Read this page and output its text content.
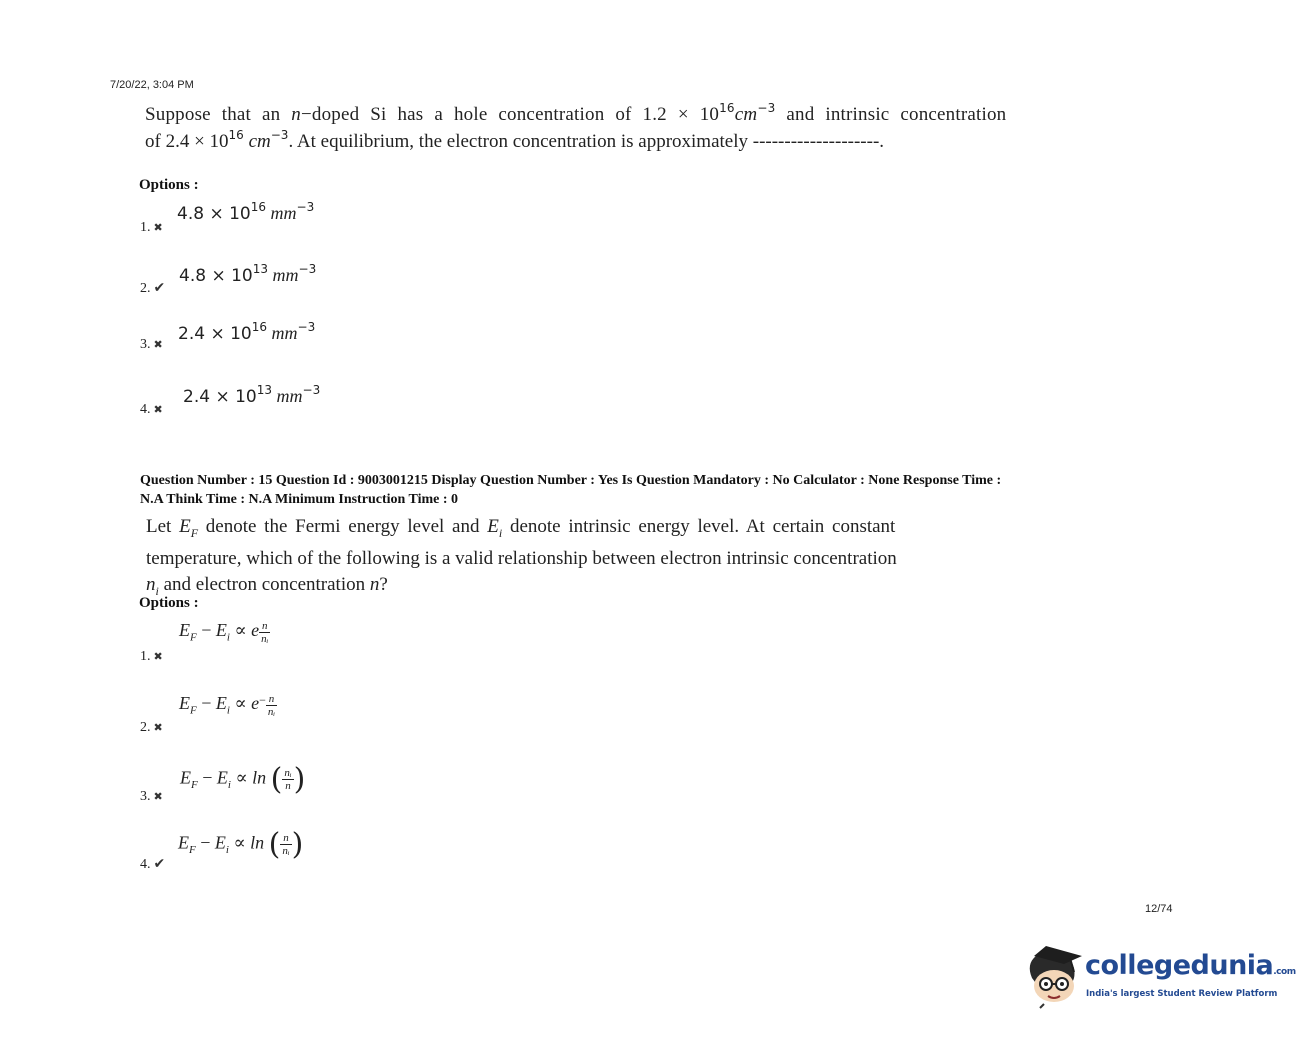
7/20/22, 3:04 PM
Suppose that an n−doped Si has a hole concentration of $1.2 \times 10^{16}cm^{-3}$ and intrinsic concentration
of $2.4 \times 10^{16}$ $cm^{-3}$. At equilibrium, the electron concentration is approximately --------------------.
Options :
1. ✖
$4.8 \times 10^{16}$ $mm^{-3}$
2. ✔
$4.8 \times 10^{13}$ $mm^{-3}$
3. ✖
$2.4 \times 10^{16}$ $mm^{-3}$
4. ✖
$2.4 \times 10^{13}$ $mm^{-3}$
Question Number : 15 Question Id : 9003001215 Display Question Number : Yes Is Question Mandatory : No Calculator : None Response Time :
N.A Think Time : N.A Minimum Instruction Time : 0
Let $E_F$ denote the Fermi energy level and $E_i$ denote intrinsic energy level. At certain constant
temperature, which of the following is a valid relationship between electron intrinsic concentration
$n_i$ and electron concentration n?
Options :
1. ✖
$E_F - E_i \propto e \frac{n}{\text{nᵢ}}$
2. ✖
$E_F - E_i \propto e^- \frac{n}{\text{nᵢ}}$
3. ✖
$E_F - E_i \propto \ln$ ( $\frac{\text{nᵢ}}{n}$ )
4. ✔
$E_F - E_i \propto \ln$ ( $\frac{n}{\text{nᵢ}}$ )
12/74
collegedunia.com
India's largest Student Review Platform
